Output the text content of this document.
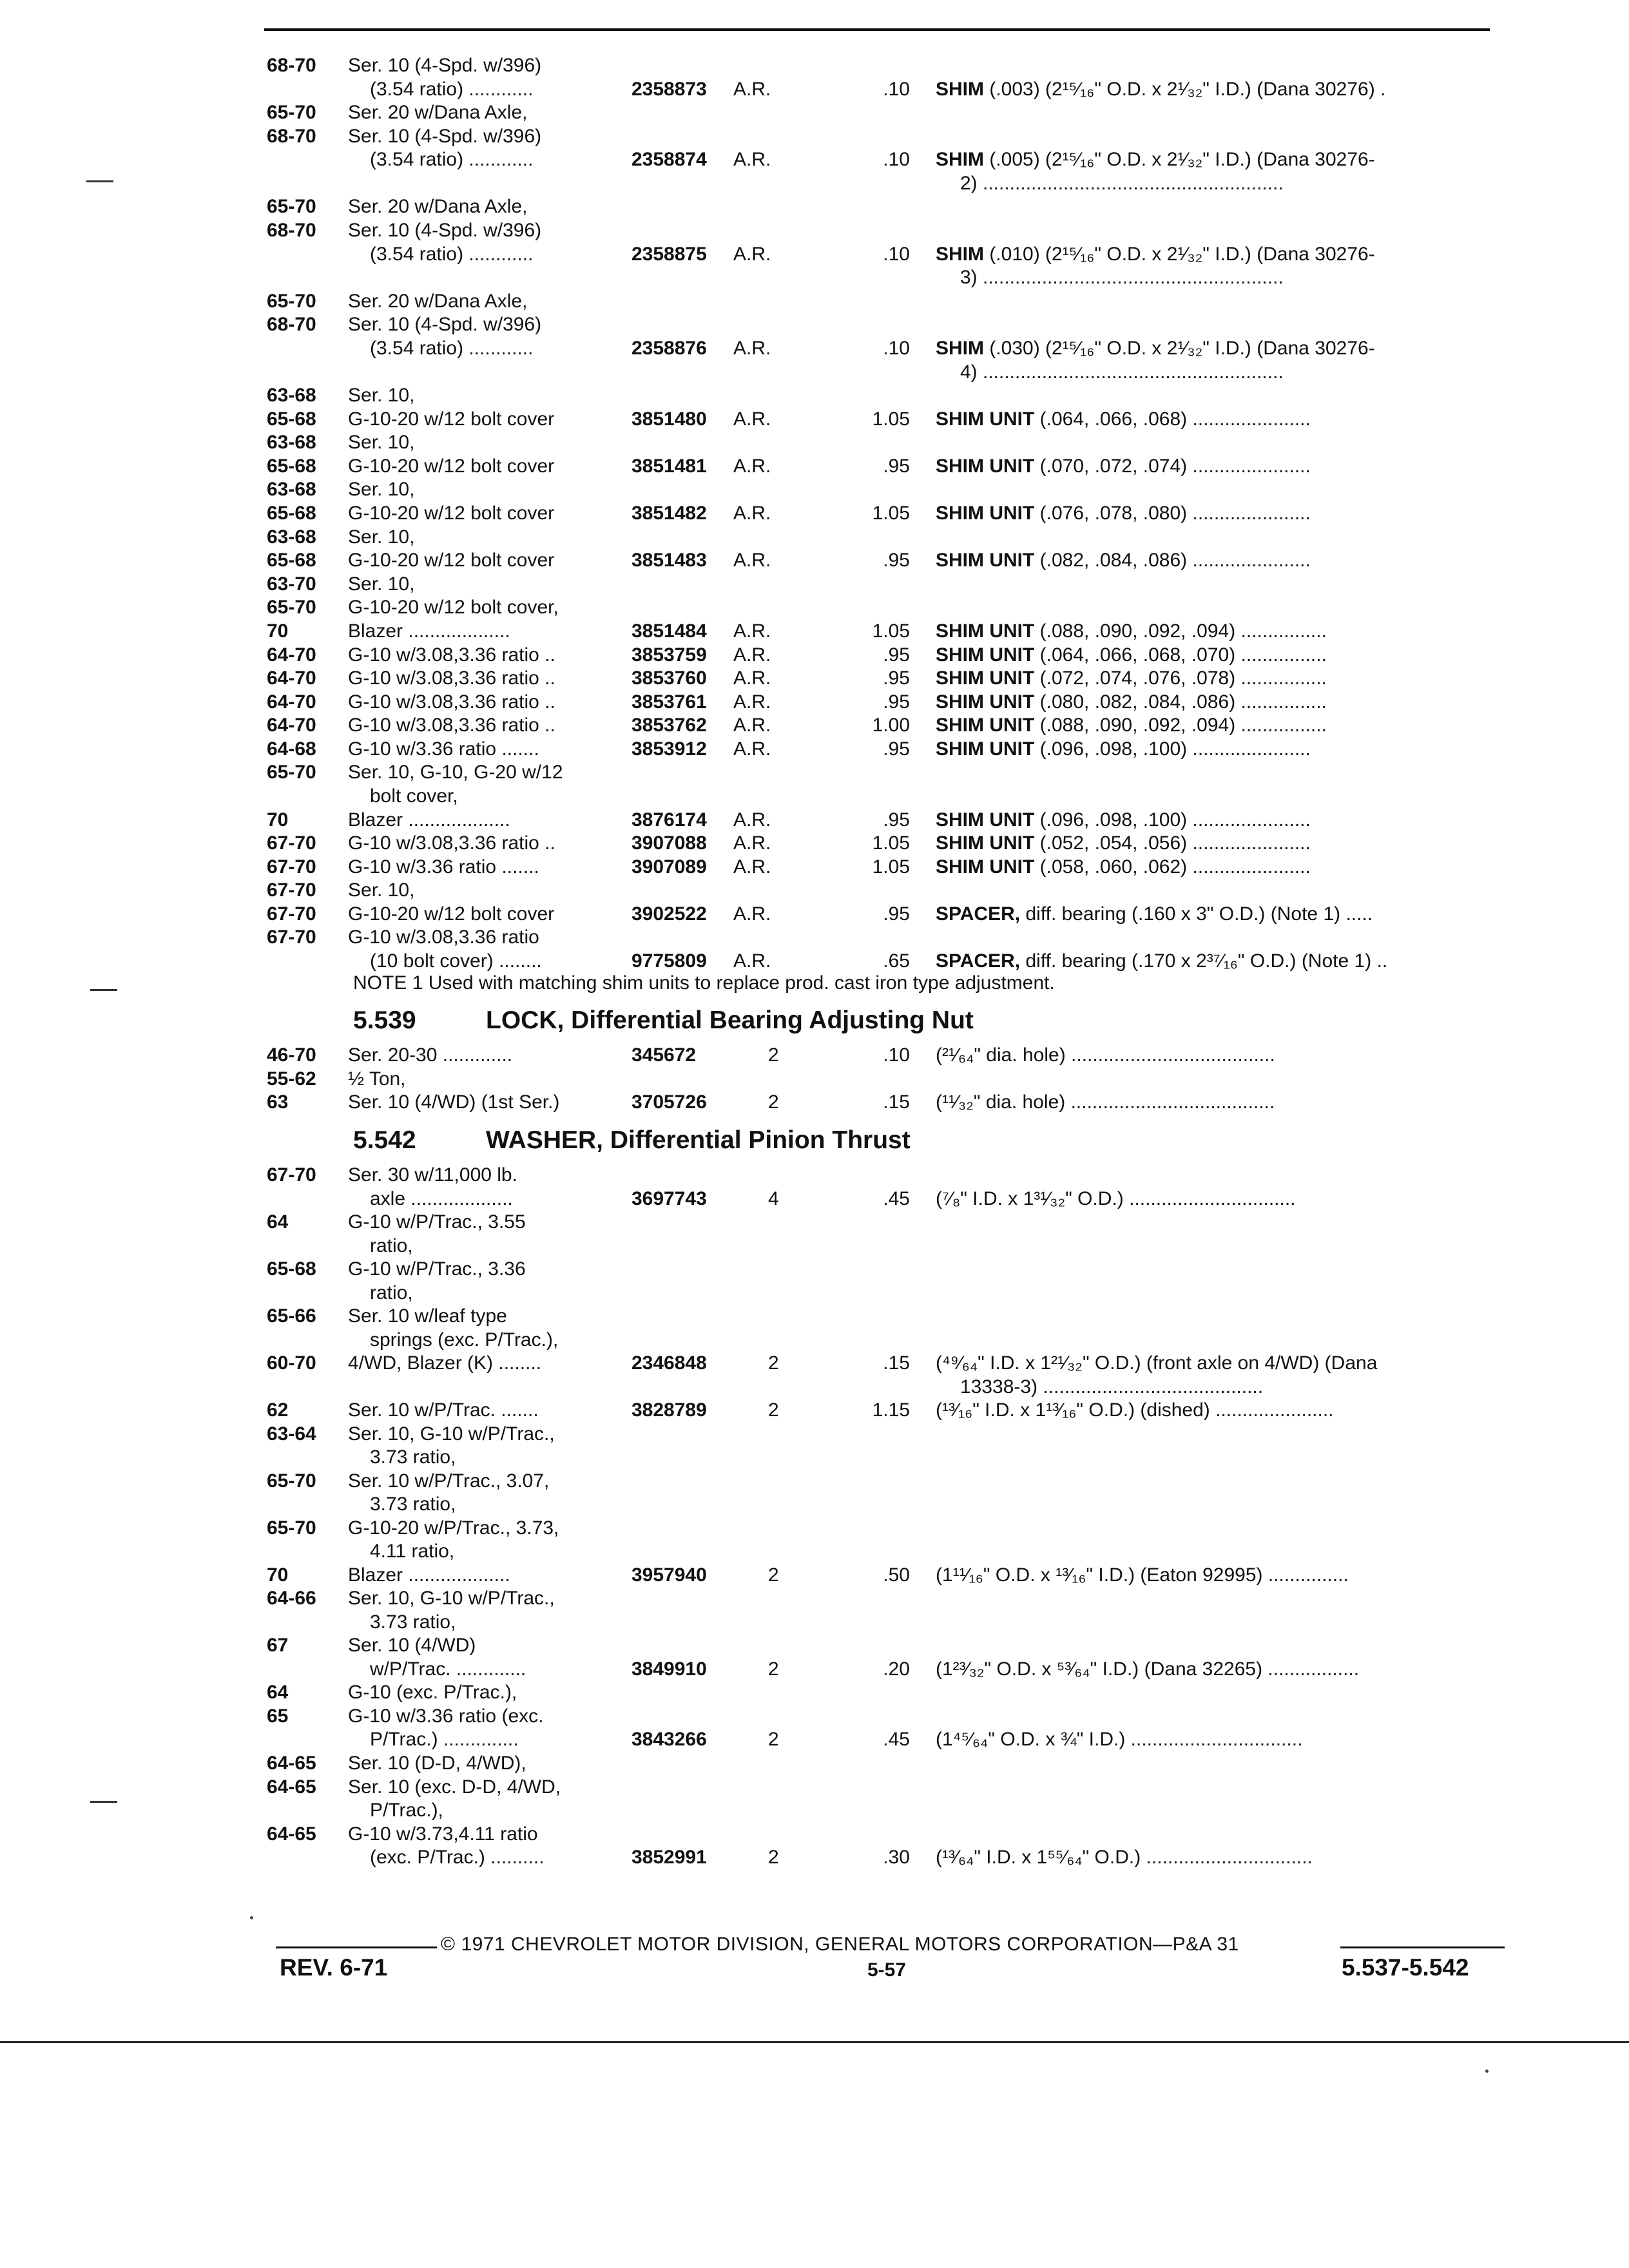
68-70	Ser. 10 (4-Spd. w/396)
(3.54 ratio) ............	2358873 A.R.	.10 SHIM (.003) (2¹⁵⁄₁₆" O.D. x 2¹⁄₃₂" I.D.) (Dana 30276) .
65-70	Ser. 20 w/Dana Axle,
68-70	Ser. 10 (4-Spd. w/396)
(3.54 ratio) ............	2358874 A.R.	.10 SHIM (.005) (2¹⁵⁄₁₆" O.D. x 2¹⁄₃₂" I.D.) (Dana 30276-
2) ........................................................
65-70	Ser. 20 w/Dana Axle,
68-70	Ser. 10 (4-Spd. w/396)
(3.54 ratio) ............	2358875 A.R.	.10 SHIM (.010) (2¹⁵⁄₁₆" O.D. x 2¹⁄₃₂" I.D.) (Dana 30276-
3) ........................................................
65-70	Ser. 20 w/Dana Axle,
68-70	Ser. 10 (4-Spd. w/396)
(3.54 ratio) ............	2358876 A.R.	.10 SHIM (.030) (2¹⁵⁄₁₆" O.D. x 2¹⁄₃₂" I.D.) (Dana 30276-
4) ........................................................
63-68	Ser. 10,
65-68	G-10-20 w/12 bolt cover	3851480 A.R.	1.05 SHIM UNIT (.064, .066, .068) ......................
63-68	Ser. 10,
65-68	G-10-20 w/12 bolt cover	3851481 A.R.	.95 SHIM UNIT (.070, .072, .074) ......................
63-68	Ser. 10,
65-68	G-10-20 w/12 bolt cover	3851482 A.R.	1.05 SHIM UNIT (.076, .078, .080) ......................
63-68	Ser. 10,
65-68	G-10-20 w/12 bolt cover	3851483 A.R.	.95 SHIM UNIT (.082, .084, .086) ......................
63-70	Ser. 10,
65-70	G-10-20 w/12 bolt cover,
70	Blazer ...................	3851484 A.R.	1.05 SHIM UNIT (.088, .090, .092, .094) ................
64-70	G-10 w/3.08,3.36 ratio ..	3853759 A.R.	.95 SHIM UNIT (.064, .066, .068, .070) ................
64-70	G-10 w/3.08,3.36 ratio ..	3853760 A.R.	.95 SHIM UNIT (.072, .074, .076, .078) ................
64-70	G-10 w/3.08,3.36 ratio ..	3853761 A.R.	.95 SHIM UNIT (.080, .082, .084, .086) ................
64-70	G-10 w/3.08,3.36 ratio ..	3853762 A.R.	1.00 SHIM UNIT (.088, .090, .092, .094) ................
64-68	G-10 w/3.36 ratio .......	3853912 A.R.	.95 SHIM UNIT (.096, .098, .100) ......................
65-70	Ser. 10, G-10, G-20 w/12
bolt cover,
70	Blazer ...................	3876174 A.R.	.95 SHIM UNIT (.096, .098, .100) ......................
67-70	G-10 w/3.08,3.36 ratio ..	3907088 A.R.	1.05 SHIM UNIT (.052, .054, .056) ......................
67-70	G-10 w/3.36 ratio .......	3907089 A.R.	1.05 SHIM UNIT (.058, .060, .062) ......................
67-70	Ser. 10,
67-70	G-10-20 w/12 bolt cover	3902522 A.R.	.95 SPACER, diff. bearing (.160 x 3" O.D.) (Note 1) .....
67-70	G-10 w/3.08,3.36 ratio
(10 bolt cover) ........	9775809 A.R.	.65 SPACER, diff. bearing (.170 x 2³⁷⁄₁₆" O.D.) (Note 1) ..
NOTE 1 Used with matching shim units to replace prod. cast iron type adjustment.
5.539	LOCK, Differential Bearing Adjusting Nut
46-70	Ser. 20-30 .............	345672	2	.10 (²¹⁄₆₄" dia. hole) ......................................
55-62	½ Ton,
63	Ser. 10 (4/WD) (1st Ser.)	3705726	2	.15 (¹¹⁄₃₂" dia. hole) ......................................
5.542	WASHER, Differential Pinion Thrust
67-70	Ser. 30 w/11,000 lb.
axle ...................	3697743	4	.45 (⁷⁄₈" I.D. x 1³¹⁄₃₂" O.D.) ...............................
64	G-10 w/P/Trac., 3.55
ratio,
65-68	G-10 w/P/Trac., 3.36
ratio,
65-66	Ser. 10 w/leaf type
springs (exc. P/Trac.),
60-70	4/WD, Blazer (K) ........	2346848	2	.15 (⁴⁹⁄₆₄" I.D. x 1²¹⁄₃₂" O.D.) (front axle on 4/WD) (Dana
13338-3) .........................................
62	Ser. 10 w/P/Trac. .......	3828789	2	1.15 (¹³⁄₁₆" I.D. x 1¹³⁄₁₆" O.D.) (dished) ......................
63-64	Ser. 10, G-10 w/P/Trac.,
3.73 ratio,
65-70	Ser. 10 w/P/Trac., 3.07,
3.73 ratio,
65-70	G-10-20 w/P/Trac., 3.73,
4.11 ratio,
70	Blazer ...................	3957940	2	.50 (1¹¹⁄₁₆" O.D. x ¹³⁄₁₆" I.D.) (Eaton 92995) ...............
64-66	Ser. 10, G-10 w/P/Trac.,
3.73 ratio,
67	Ser. 10 (4/WD)
w/P/Trac. .............	3849910	2	.20 (1²³⁄₃₂" O.D. x ⁵³⁄₆₄" I.D.) (Dana 32265) .................
64	G-10 (exc. P/Trac.),
65	G-10 w/3.36 ratio (exc.
P/Trac.) ..............	3843266	2	.45 (1⁴⁵⁄₆₄" O.D. x ¾" I.D.) ................................
64-65	Ser. 10 (D-D, 4/WD),
64-65	Ser. 10 (exc. D-D, 4/WD,
P/Trac.),
64-65	G-10 w/3.73,4.11 ratio
(exc. P/Trac.) ..........	3852991	2	.30 (¹³⁄₆₄" I.D. x 1⁵⁵⁄₆₄" O.D.) ...............................
© 1971 CHEVROLET MOTOR DIVISION, GENERAL MOTORS CORPORATION—P&A 31
REV. 6-71	5-57	5.537-5.542
